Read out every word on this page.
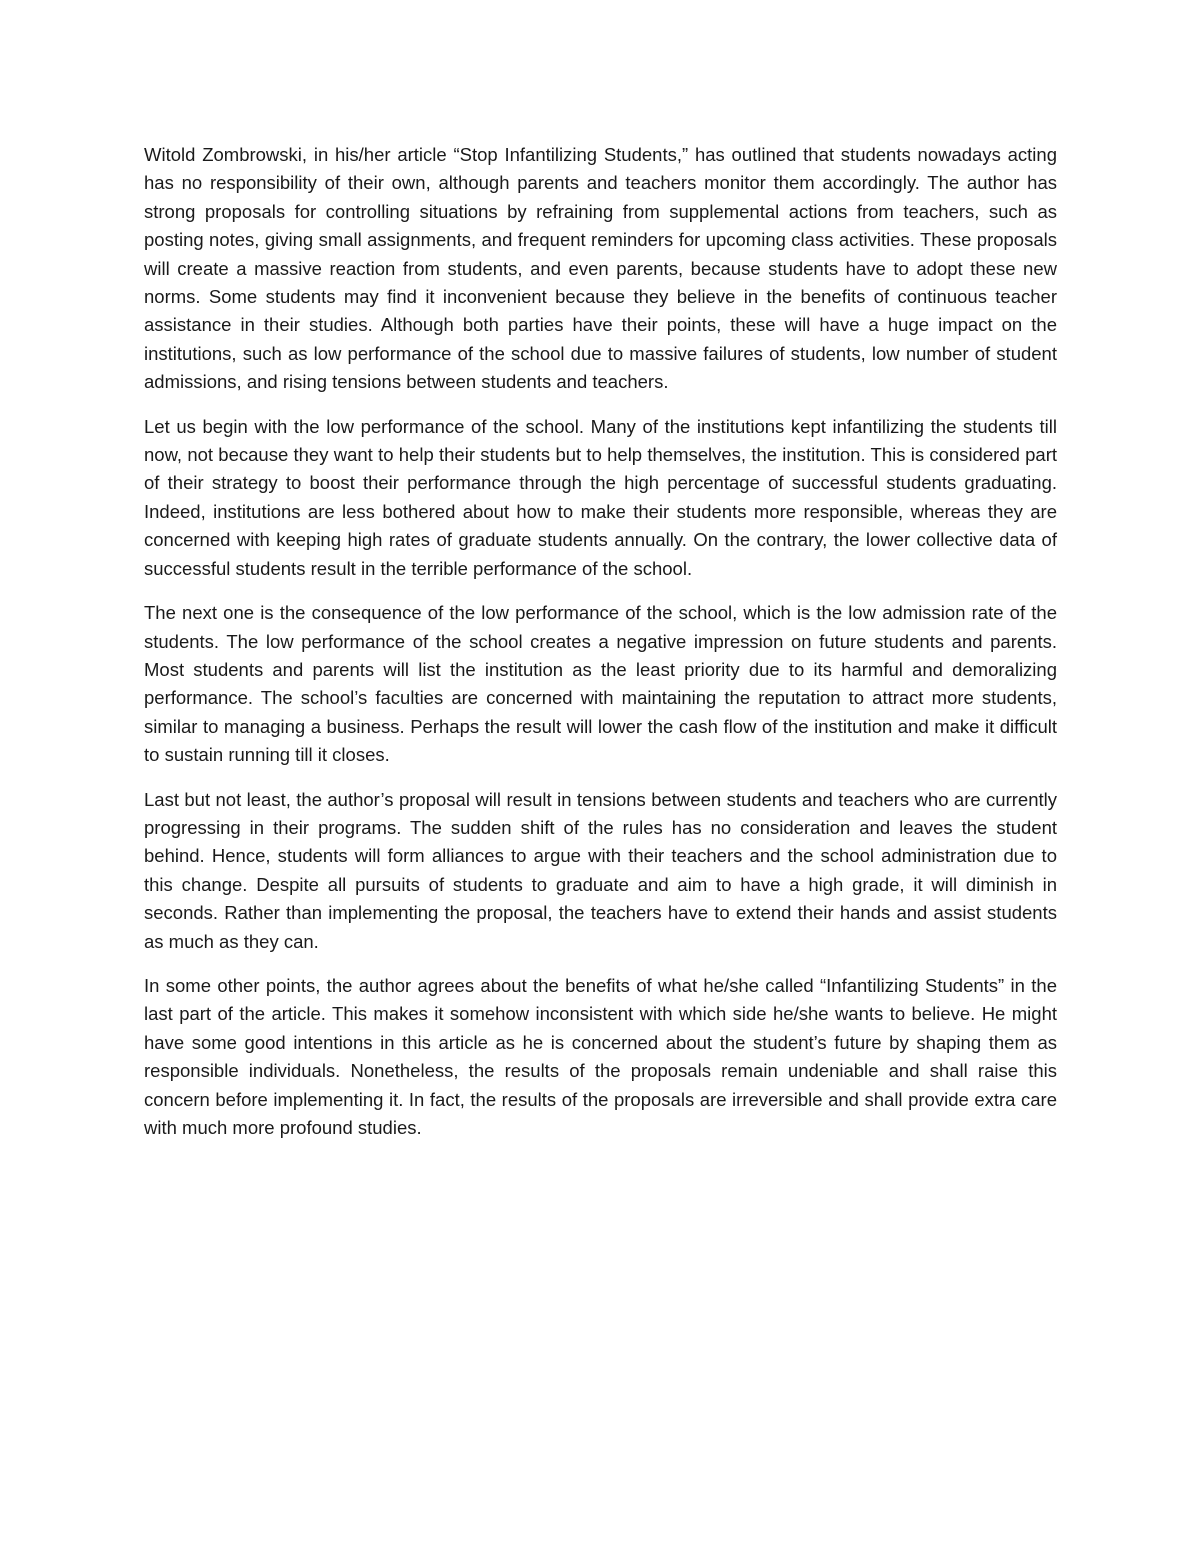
Witold Zombrowski, in his/her article “Stop Infantilizing Students,” has outlined that students nowadays acting has no responsibility of their own, although parents and teachers monitor them accordingly. The author has strong proposals for controlling situations by refraining from supplemental actions from teachers, such as posting notes, giving small assignments, and frequent reminders for upcoming class activities. These proposals will create a massive reaction from students, and even parents, because students have to adopt these new norms. Some students may find it inconvenient because they believe in the benefits of continuous teacher assistance in their studies. Although both parties have their points, these will have a huge impact on the institutions, such as low performance of the school due to massive failures of students, low number of student admissions, and rising tensions between students and teachers.

Let us begin with the low performance of the school. Many of the institutions kept infantilizing the students till now, not because they want to help their students but to help themselves, the institution. This is considered part of their strategy to boost their performance through the high percentage of successful students graduating. Indeed, institutions are less bothered about how to make their students more responsible, whereas they are concerned with keeping high rates of graduate students annually. On the contrary, the lower collective data of successful students result in the terrible performance of the school.

The next one is the consequence of the low performance of the school, which is the low admission rate of the students. The low performance of the school creates a negative impression on future students and parents. Most students and parents will list the institution as the least priority due to its harmful and demoralizing performance. The school’s faculties are concerned with maintaining the reputation to attract more students, similar to managing a business. Perhaps the result will lower the cash flow of the institution and make it difficult to sustain running till it closes.

Last but not least, the author’s proposal will result in tensions between students and teachers who are currently progressing in their programs. The sudden shift of the rules has no consideration and leaves the student behind. Hence, students will form alliances to argue with their teachers and the school administration due to this change. Despite all pursuits of students to graduate and aim to have a high grade, it will diminish in seconds. Rather than implementing the proposal, the teachers have to extend their hands and assist students as much as they can.

In some other points, the author agrees about the benefits of what he/she called “Infantilizing Students” in the last part of the article. This makes it somehow inconsistent with which side he/she wants to believe. He might have some good intentions in this article as he is concerned about the student’s future by shaping them as responsible individuals. Nonetheless, the results of the proposals remain undeniable and shall raise this concern before implementing it. In fact, the results of the proposals are irreversible and shall provide extra care with much more profound studies.
